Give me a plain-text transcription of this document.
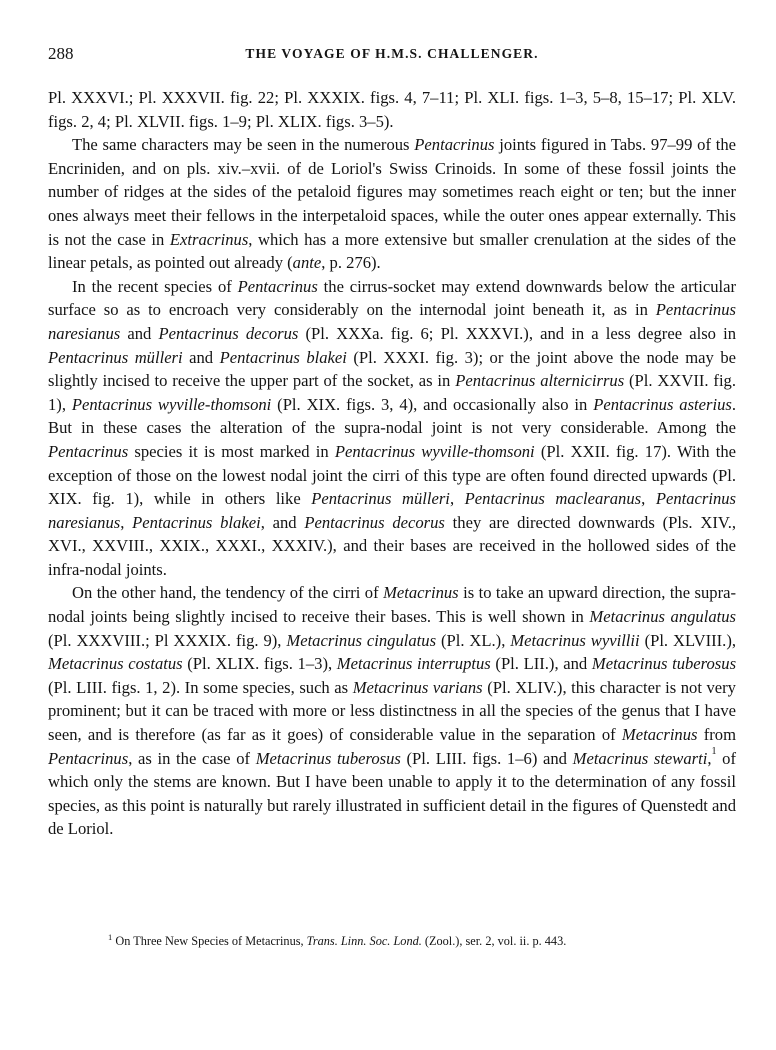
288	THE VOYAGE OF H.M.S. CHALLENGER.

Pl. XXXVI.; Pl. XXXVII. fig. 22; Pl. XXXIX. figs. 4, 7–11; Pl. XLI. figs. 1–3, 5–8, 15–17; Pl. XLV. figs. 2, 4; Pl. XLVII. figs. 1–9; Pl. XLIX. figs. 3–5).

The same characters may be seen in the numerous Pentacrinus joints figured in Tabs. 97–99 of the Encriniden, and on pls. xiv.–xvii. of de Loriol's Swiss Crinoids. In some of these fossil joints the number of ridges at the sides of the petaloid figures may sometimes reach eight or ten; but the inner ones always meet their fellows in the interpetaloid spaces, while the outer ones appear externally. This is not the case in Extracrinus, which has a more extensive but smaller crenulation at the sides of the linear petals, as pointed out already (ante, p. 276).

In the recent species of Pentacrinus the cirrus-socket may extend downwards below the articular surface so as to encroach very considerably on the internodal joint beneath it, as in Pentacrinus naresianus and Pentacrinus decorus (Pl. XXXa. fig. 6; Pl. XXXVI.), and in a less degree also in Pentacrinus mülleri and Pentacrinus blakei (Pl. XXXI. fig. 3); or the joint above the node may be slightly incised to receive the upper part of the socket, as in Pentacrinus alternicirrus (Pl. XXVII. fig. 1), Pentacrinus wyville-thomsoni (Pl. XIX. figs. 3, 4), and occasionally also in Pentacrinus asterius. But in these cases the alteration of the supra-nodal joint is not very considerable. Among the Pentacrinus species it is most marked in Pentacrinus wyville-thomsoni (Pl. XXII. fig. 17). With the exception of those on the lowest nodal joint the cirri of this type are often found directed upwards (Pl. XIX. fig. 1), while in others like Pentacrinus mülleri, Pentacrinus maclearanus, Pentacrinus naresianus, Pentacrinus blakei, and Pentacrinus decorus they are directed downwards (Pls. XIV., XVI., XXVIII., XXIX., XXXI., XXXIV.), and their bases are received in the hollowed sides of the infra-nodal joints.

On the other hand, the tendency of the cirri of Metacrinus is to take an upward direction, the supra-nodal joints being slightly incised to receive their bases. This is well shown in Metacrinus angulatus (Pl. XXXVIII.; Pl XXXIX. fig. 9), Metacrinus cingulatus (Pl. XL.), Metacrinus wyvillii (Pl. XLVIII.), Metacrinus costatus (Pl. XLIX. figs. 1–3), Metacrinus interruptus (Pl. LII.), and Metacrinus tuberosus (Pl. LIII. figs. 1, 2). In some species, such as Metacrinus varians (Pl. XLIV.), this character is not very prominent; but it can be traced with more or less distinctness in all the species of the genus that I have seen, and is therefore (as far as it goes) of considerable value in the separation of Metacrinus from Pentacrinus, as in the case of Metacrinus tuberosus (Pl. LIII. figs. 1–6) and Metacrinus stewarti,$^1$ of which only the stems are known. But I have been unable to apply it to the determination of any fossil species, as this point is naturally but rarely illustrated in sufficient detail in the figures of Quenstedt and de Loriol.

$^1$ On Three New Species of Metacrinus, Trans. Linn. Soc. Lond. (Zool.), ser. 2, vol. ii. p. 443.
